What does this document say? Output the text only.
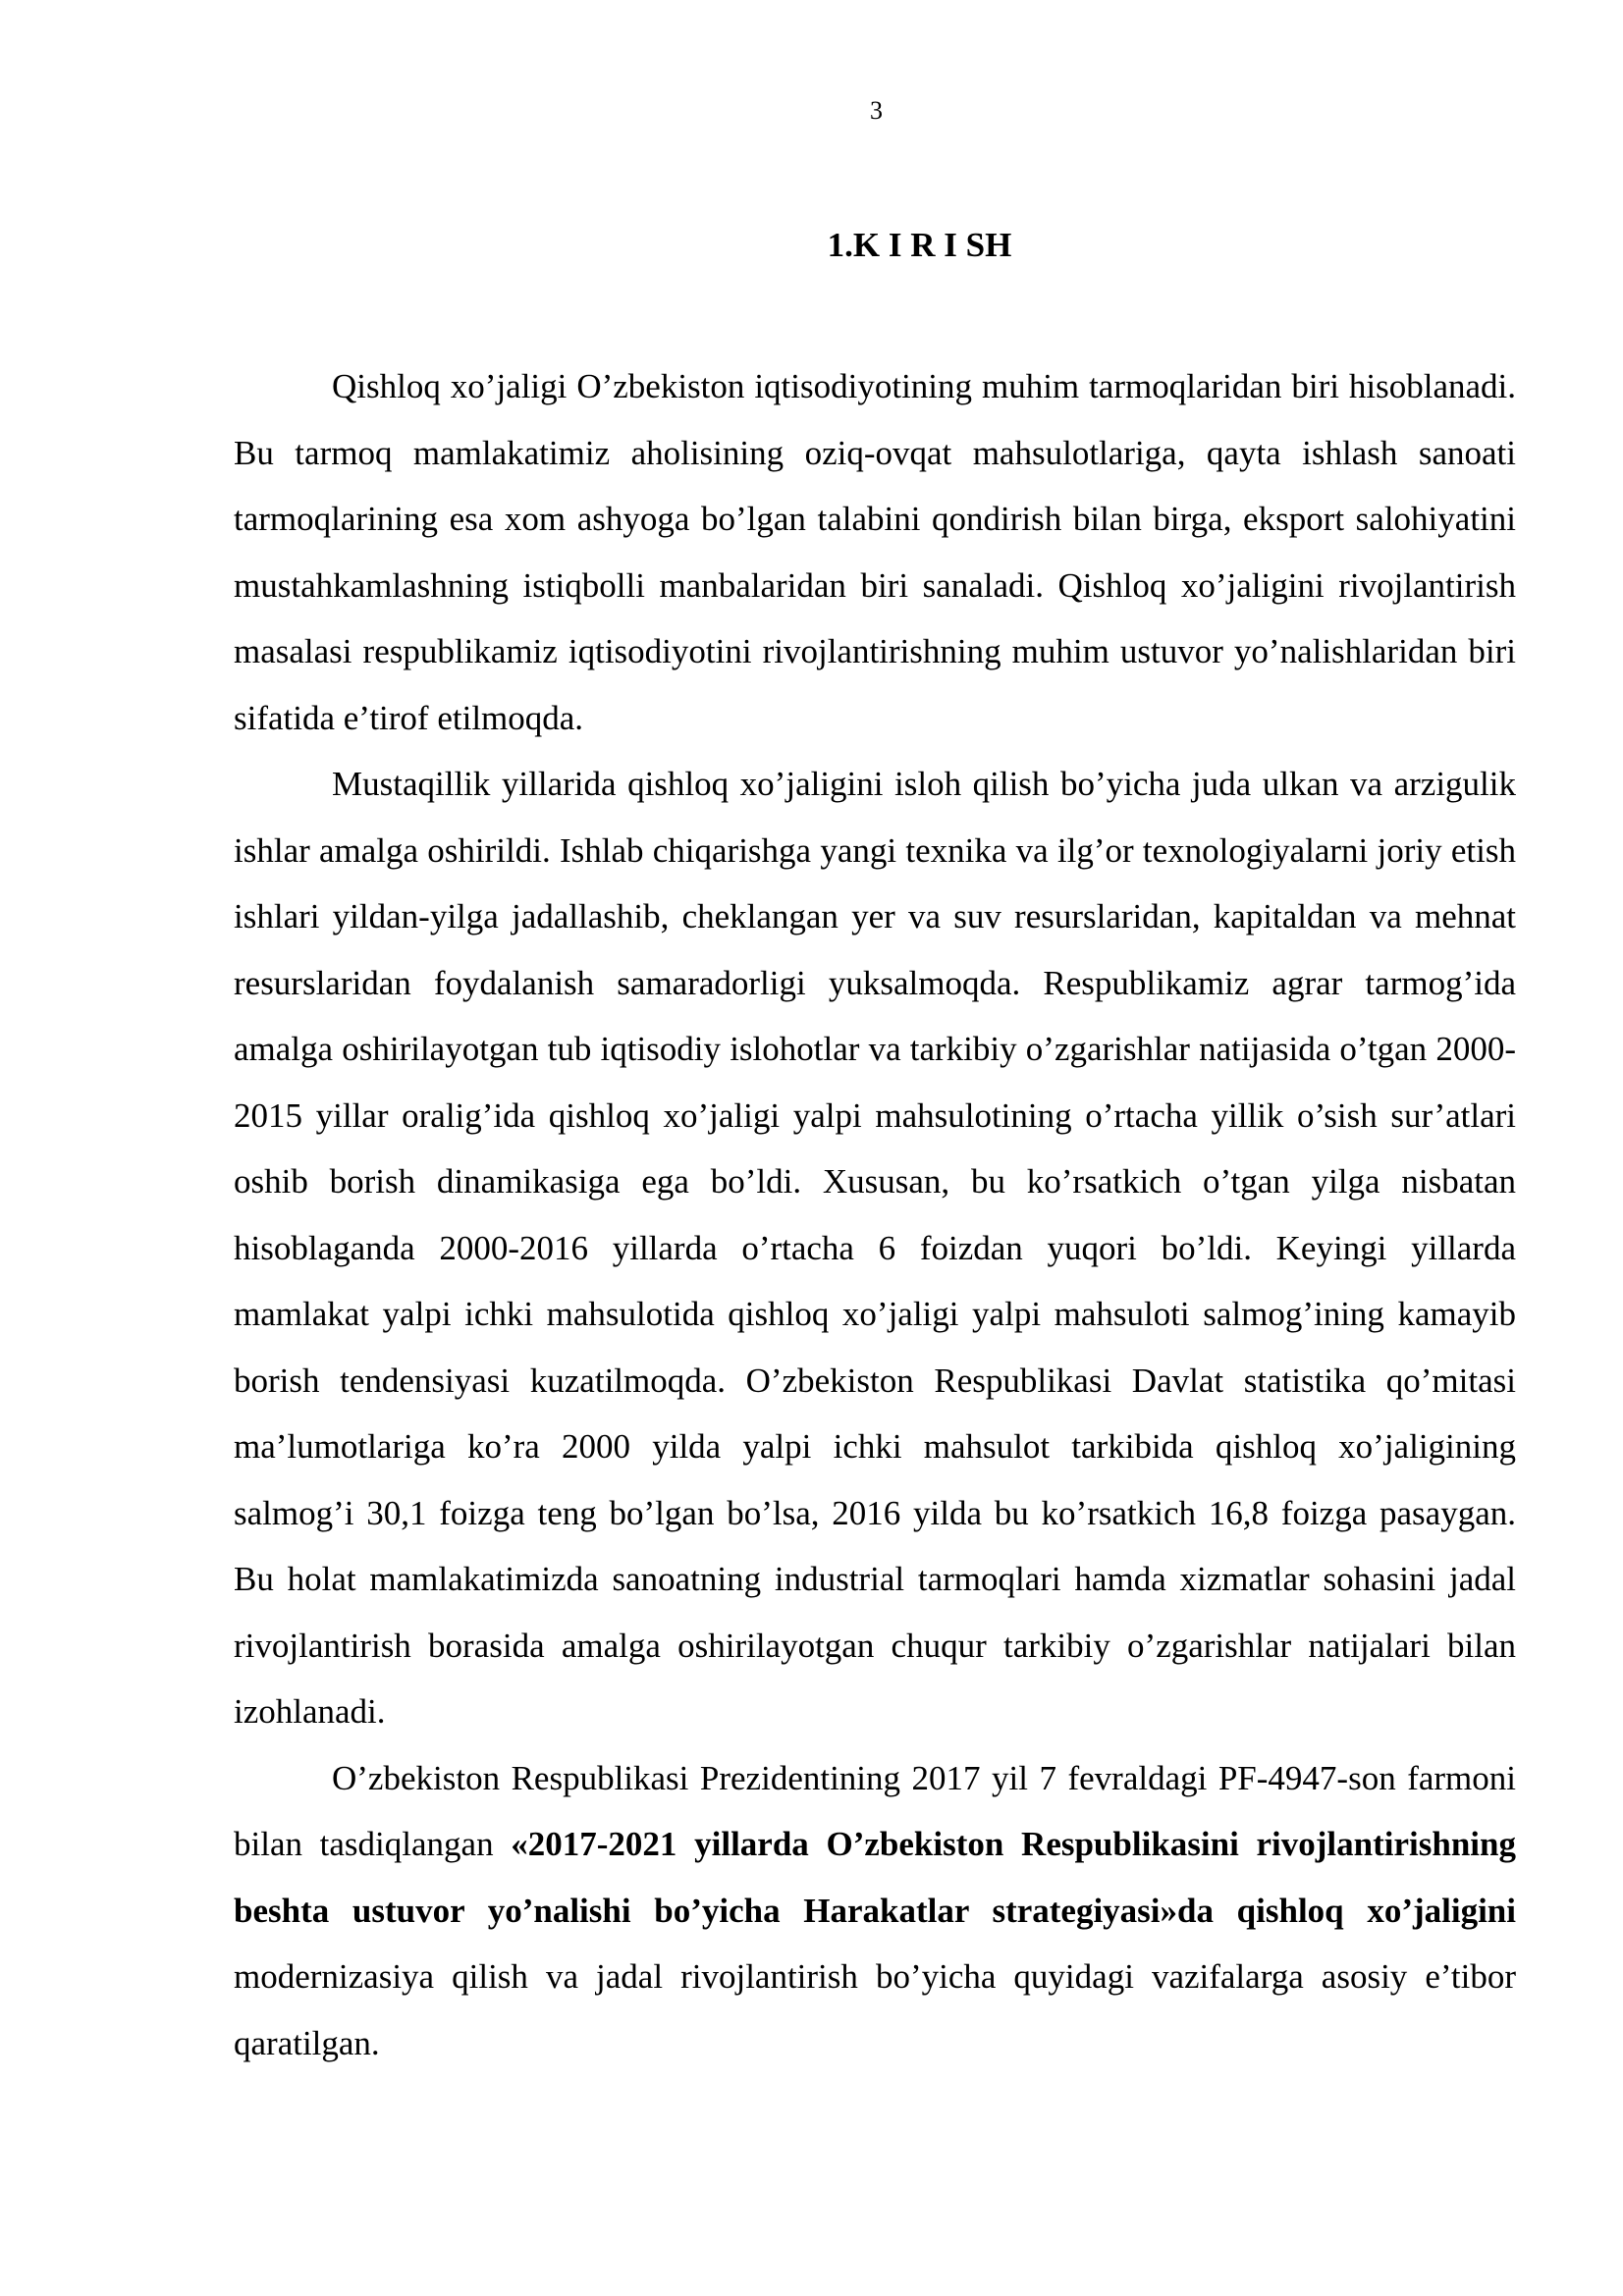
3
1.K I R I SH

Qishloq xo’jaligi O’zbekiston iqtisodiyotining muhim tarmoqlaridan biri hisoblanadi. Bu tarmoq mamlakatimiz aholisining oziq-ovqat mahsulotlariga, qayta ishlash sanoati tarmoqlarining esa xom ashyoga bo’lgan talabini qondirish bilan birga, eksport salohiyatini mustahkamlashning istiqbolli manbalaridan biri sanaladi. Qishloq xo’jaligini rivojlantirish masalasi respublikamiz iqtisodiyotini rivojlantirishning muhim ustuvor yo’nalishlaridan biri sifatida e’tirof etilmoqda.

Mustaqillik yillarida qishloq xo’jaligini isloh qilish bo’yicha juda ulkan va arzigulik ishlar amalga oshirildi. Ishlab chiqarishga yangi texnika va ilg’or texnologiyalarni joriy etish ishlari yildan-yilga jadallashib, cheklangan yer va suv resurslaridan, kapitaldan va mehnat resurslaridan foydalanish samaradorligi yuksalmoqda. Respublikamiz agrar tarmog’ida amalga oshirilayotgan tub iqtisodiy islohotlar va tarkibiy o’zgarishlar natijasida o’tgan 2000-2015 yillar oralig’ida qishloq xo’jaligi yalpi mahsulotining o’rtacha yillik o’sish sur’atlari oshib borish dinamikasiga ega bo’ldi. Xususan, bu ko’rsatkich o’tgan yilga nisbatan hisoblaganda 2000-2016 yillarda o’rtacha 6 foizdan yuqori bo’ldi. Keyingi yillarda mamlakat yalpi ichki mahsulotida qishloq xo’jaligi yalpi mahsuloti salmog’ining kamayib borish tendensiyasi kuzatilmoqda. O’zbekiston Respublikasi Davlat statistika qo’mitasi ma’lumotlariga ko’ra 2000 yilda yalpi ichki mahsulot tarkibida qishloq xo’jaligining salmog’i 30,1 foizga teng bo’lgan bo’lsa, 2016 yilda bu ko’rsatkich 16,8 foizga pasaygan. Bu holat mamlakatimizda sanoatning industrial tarmoqlari hamda xizmatlar sohasini jadal rivojlantirish borasida amalga oshirilayotgan chuqur tarkibiy o’zgarishlar natijalari bilan izohlanadi.

O’zbekiston Respublikasi Prezidentining 2017 yil 7 fevraldagi PF-4947-son farmoni bilan tasdiqlangan «2017-2021 yillarda O’zbekiston Respublikasini rivojlantirishning beshta ustuvor yo’nalishi bo’yicha Harakatlar strategiyasi»da qishloq xo’jaligini modernizasiya qilish va jadal rivojlantirish bo’yicha quyidagi vazifalarga asosiy e’tibor qaratilgan.
